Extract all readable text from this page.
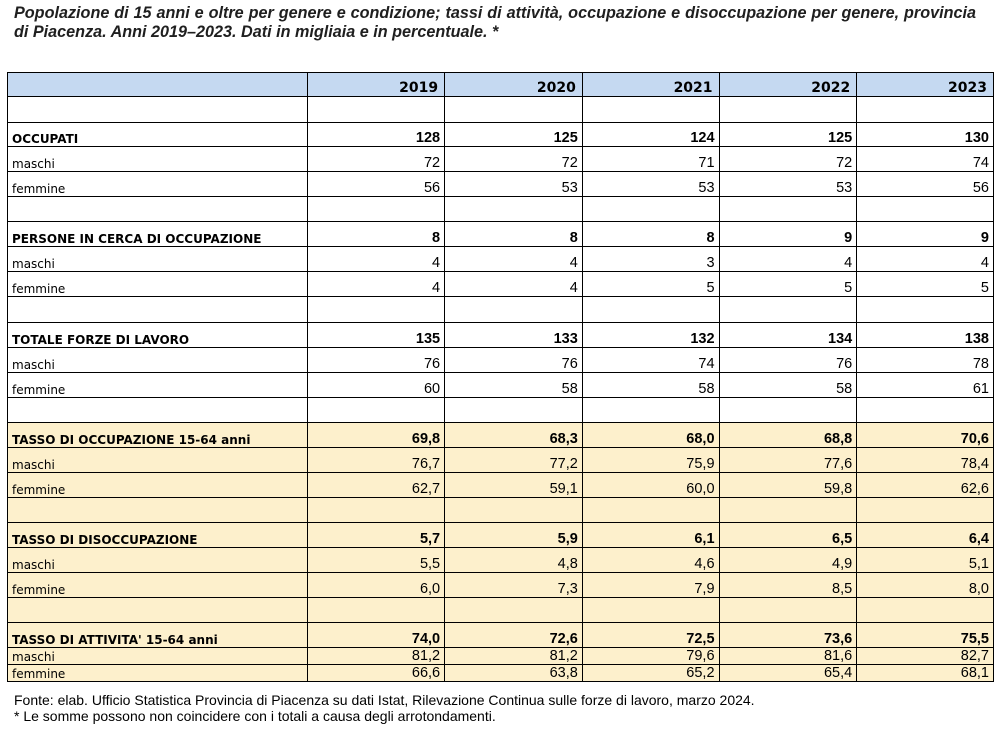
Popolazione di 15 anni e oltre per genere e condizione; tassi di attività, occupazione e disoccupazione per genere, provincia di Piacenza. Anni 2019–2023. Dati in migliaia e in percentuale. *
	2019	2020	2021	2022	2023

OCCUPATI	128	125	124	125	130
maschi	72	72	71	72	74
femmine	56	53	53	53	56

PERSONE IN CERCA DI OCCUPAZIONE	8	8	8	9	9
maschi	4	4	3	4	4
femmine	4	4	5	5	5

TOTALE FORZE DI LAVORO	135	133	132	134	138
maschi	76	76	74	76	78
femmine	60	58	58	58	61

TASSO DI OCCUPAZIONE 15-64 anni	69,8	68,3	68,0	68,8	70,6
maschi	76,7	77,2	75,9	77,6	78,4
femmine	62,7	59,1	60,0	59,8	62,6

TASSO DI DISOCCUPAZIONE	5,7	5,9	6,1	6,5	6,4
maschi	5,5	4,8	4,6	4,9	5,1
femmine	6,0	7,3	7,9	8,5	8,0

TASSO DI ATTIVITA' 15-64 anni	74,0	72,6	72,5	73,6	75,5
maschi	81,2	81,2	79,6	81,6	82,7
femmine	66,6	63,8	65,2	65,4	68,1
Fonte: elab. Ufficio Statistica Provincia di Piacenza su dati Istat, Rilevazione Continua sulle forze di lavoro, marzo 2024.
* Le somme possono non coincidere con i totali a causa degli arrotondamenti.
